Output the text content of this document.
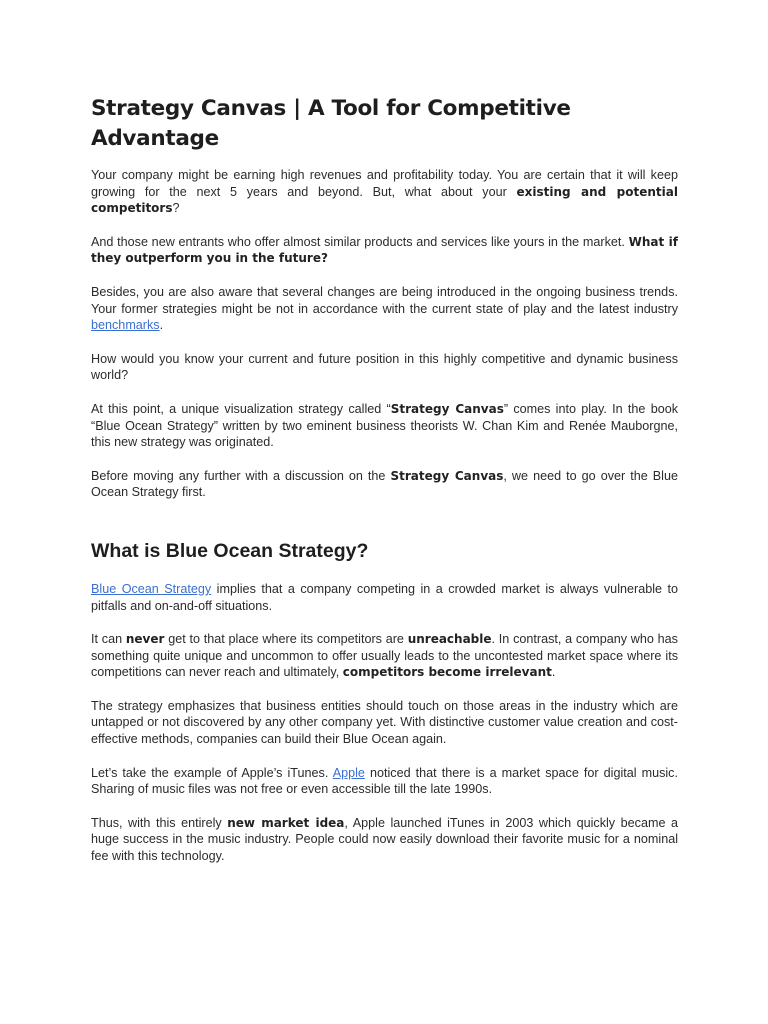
Strategy Canvas | A Tool for Competitive Advantage

Your company might be earning high revenues and profitability today. You are certain that it will keep growing for the next 5 years and beyond. But, what about your existing and potential competitors?

And those new entrants who offer almost similar products and services like yours in the market. What if they outperform you in the future?

Besides, you are also aware that several changes are being introduced in the ongoing business trends. Your former strategies might be not in accordance with the current state of play and the latest industry benchmarks.

How would you know your current and future position in this highly competitive and dynamic business world?

At this point, a unique visualization strategy called “Strategy Canvas” comes into play. In the book “Blue Ocean Strategy” written by two eminent business theorists W. Chan Kim and Renée Mauborgne, this new strategy was originated.

Before moving any further with a discussion on the Strategy Canvas, we need to go over the Blue Ocean Strategy first.

What is Blue Ocean Strategy?

Blue Ocean Strategy implies that a company competing in a crowded market is always vulnerable to pitfalls and on-and-off situations.

It can never get to that place where its competitors are unreachable. In contrast, a company who has something quite unique and uncommon to offer usually leads to the uncontested market space where its competitions can never reach and ultimately, competitors become irrelevant.

The strategy emphasizes that business entities should touch on those areas in the industry which are untapped or not discovered by any other company yet. With distinctive customer value creation and cost-effective methods, companies can build their Blue Ocean again.

Let’s take the example of Apple’s iTunes. Apple noticed that there is a market space for digital music. Sharing of music files was not free or even accessible till the late 1990s.

Thus, with this entirely new market idea, Apple launched iTunes in 2003 which quickly became a huge success in the music industry. People could now easily download their favorite music for a nominal fee with this technology.
